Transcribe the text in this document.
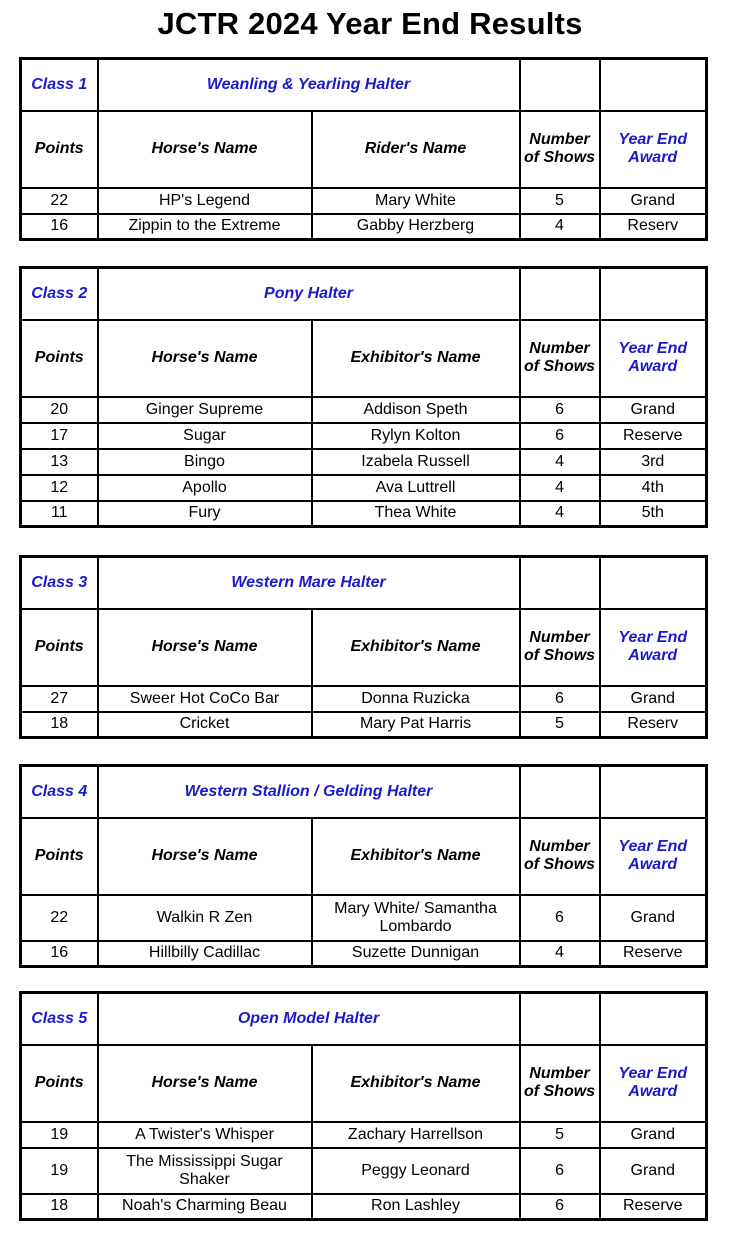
JCTR 2024 Year End Results
Class 1	Weanling & Yearling Halter			
Points	Horse's Name	Rider's Name	Number of Shows	Year End Award
22	HP's Legend	Mary White	5	Grand
16	Zippin to the Extreme	Gabby Herzberg	4	Reserv
Class 2	Pony Halter			
Points	Horse's Name	Exhibitor's Name	Number of Shows	Year End Award
20	Ginger Supreme	Addison Speth	6	Grand
17	Sugar	Rylyn Kolton	6	Reserve
13	Bingo	Izabela Russell	4	3rd
12	Apollo	Ava Luttrell	4	4th
11	Fury	Thea White	4	5th
Class 3	Western Mare Halter			
Points	Horse's Name	Exhibitor's Name	Number of Shows	Year End Award
27	Sweer Hot CoCo Bar	Donna Ruzicka	6	Grand
18	Cricket	Mary Pat Harris	5	Reserv
Class 4	Western Stallion / Gelding Halter			
Points	Horse's Name	Exhibitor's Name	Number of Shows	Year End Award
22	Walkin R Zen	Mary White/ Samantha Lombardo	6	Grand
16	Hillbilly Cadillac	Suzette Dunnigan	4	Reserve
Class 5	Open Model Halter			
Points	Horse's Name	Exhibitor's Name	Number of Shows	Year End Award
19	A Twister's Whisper	Zachary Harrellson	5	Grand
19	The Mississippi Sugar Shaker	Peggy Leonard	6	Grand
18	Noah's Charming Beau	Ron Lashley	6	Reserve
